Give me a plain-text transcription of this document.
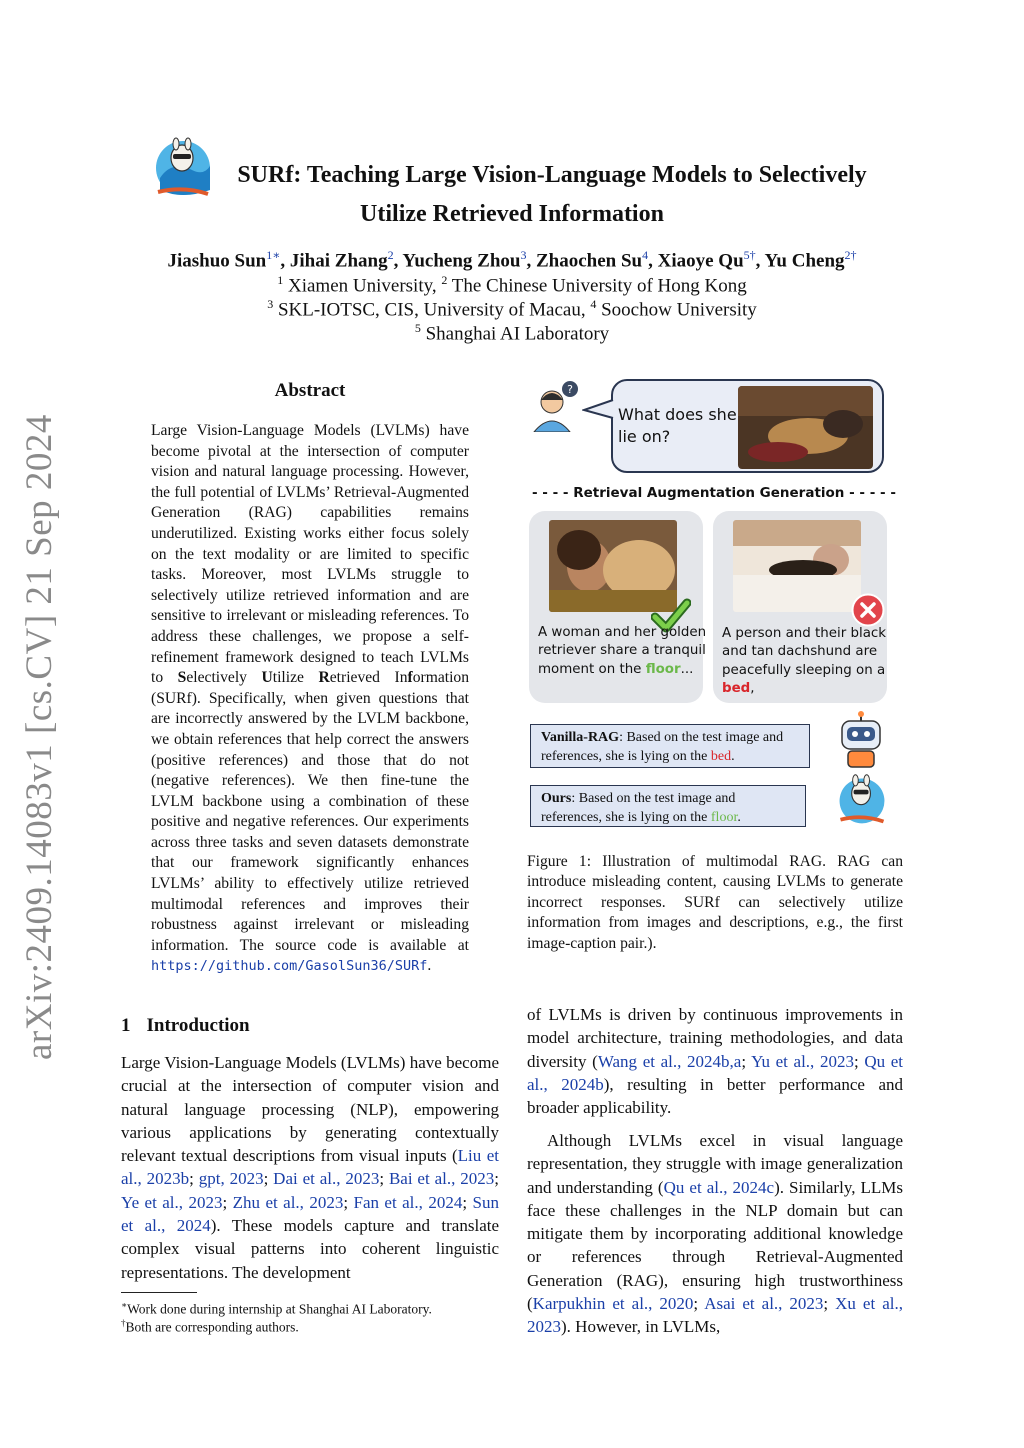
arXiv:2409.14083v1 [cs.CV] 21 Sep 2024
SURf: Teaching Large Vision-Language Models to Selectively
Utilize Retrieved Information
Jiashuo Sun$^{1∗}$, Jihai Zhang$^2$, Yucheng Zhou$^3$, Zhaochen Su$^4$, Xiaoye $Qu^{5\dagger}$, Yu Cheng$^{2\dagger}$
$^1$ Xiamen University, $^2$ The Chinese University of Hong Kong
$^3$ SKL-IOTSC, CIS, University of Macau, $^4$ Soochow University
$^5$ Shanghai AI Laboratory
Abstract
Large Vision-Language Models (LVLMs) have become pivotal at the intersection of computer vision and natural language processing. However, the full potential of LVLMs’ Retrieval-Augmented Generation (RAG) capabilities remains underutilized. Existing works either focus solely on the text modality or are limited to specific tasks. Moreover, most LVLMs struggle to selectively utilize retrieved information and are sensitive to irrelevant or misleading references. To address these challenges, we propose a self-refinement framework designed to teach LVLMs to Selectively Utilize Retrieved Information (SURf). Specifically, when given questions that are incorrectly answered by the LVLM backbone, we obtain references that help correct the answers (positive references) and those that do not (negative references). We then fine-tune the LVLM backbone using a combination of these positive and negative references. Our experiments across three tasks and seven datasets demonstrate that our framework significantly enhances LVLMs’ ability to effectively utilize retrieved multimodal references and improves their robustness against irrelevant or misleading information. The source code is available at https://github.com/GasolSun36/SURf.
1 Introduction
Large Vision-Language Models (LVLMs) have become crucial at the intersection of computer vision and natural language processing (NLP), empowering various applications by generating contextually relevant textual descriptions from visual inputs (Liu et al., 2023b; gpt, 2023; Dai et al., 2023; Bai et al., 2023; Ye et al., 2023; Zhu et al., 2023; Fan et al., 2024; Sun et al., 2024). These models capture and translate complex visual patterns into coherent linguistic representations. The development
∗Work done during internship at Shanghai AI Laboratory.
†Both are corresponding authors.
of LVLMs is driven by continuous improvements in model architecture, training methodologies, and data diversity (Wang et al., 2024b,a; Yu et al., 2023; Qu et al., 2024b), resulting in better performance and broader applicability.
Although LVLMs excel in visual language representation, they struggle with image generalization and understanding (Qu et al., 2024c). Similarly, LLMs face these challenges in the NLP domain but can mitigate them by incorporating additional knowledge or references through Retrieval-Augmented Generation (RAG), ensuring high trustworthiness (Karpukhin et al., 2020; Asai et al., 2023; Xu et al., 2023). However, in LVLMs,
?
What does she lie on?
- - - - Retrieval Augmentation Generation - - - - -
A woman and her golden retriever share a tranquil moment on the floor...
A person and their black and tan dachshund are peacefully sleeping on a bed,
Vanilla-RAG: Based on the test image and references, she is lying on the bed.
Ours: Based on the test image and references, she is lying on the floor.
Figure 1: Illustration of multimodal RAG. RAG can introduce misleading content, causing LVLMs to generate incorrect responses. SURf can selectively utilize information from images and descriptions, e.g., the first image-caption pair.).
